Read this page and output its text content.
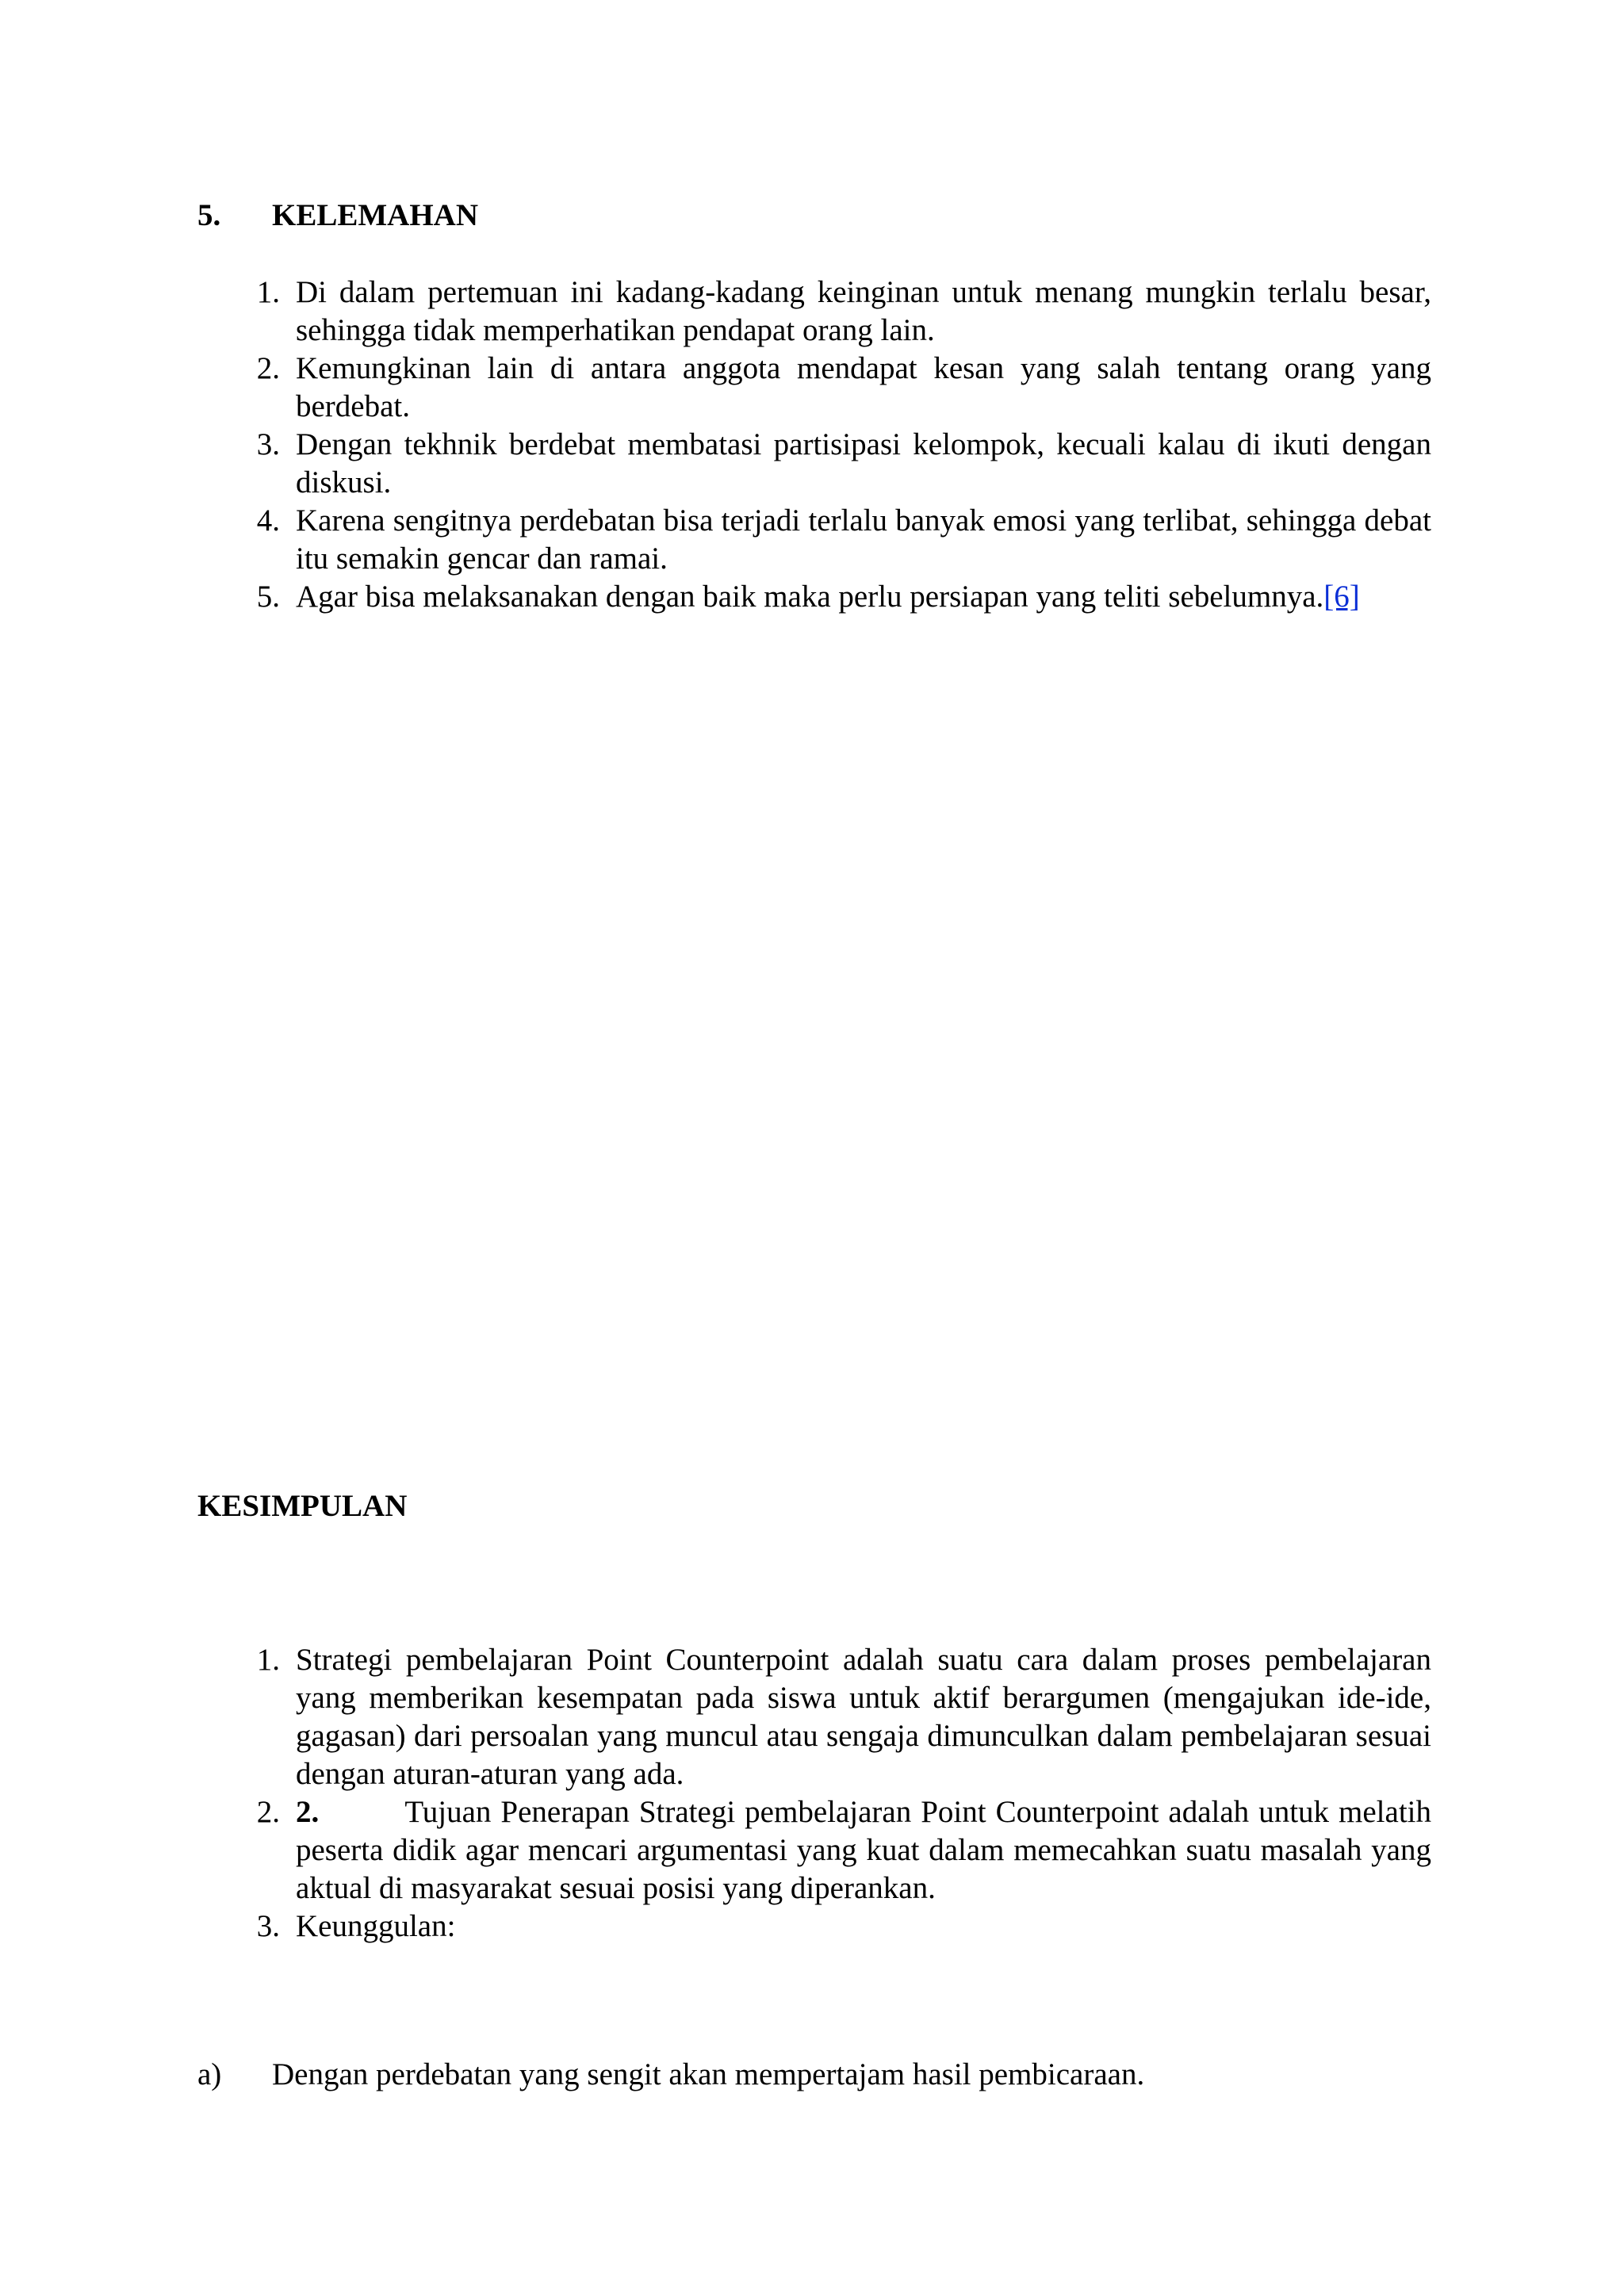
5. KELEMAHAN
1. Di dalam pertemuan ini kadang-kadang keinginan untuk menang mungkin terlalu besar, sehingga tidak memperhatikan pendapat orang lain.
2. Kemungkinan lain di antara anggota mendapat kesan yang salah tentang orang yang berdebat.
3. Dengan tekhnik berdebat membatasi partisipasi kelompok, kecuali kalau di ikuti dengan diskusi.
4. Karena sengitnya perdebatan bisa terjadi terlalu banyak emosi yang terlibat, sehingga debat itu semakin gencar dan ramai.
5. Agar bisa melaksanakan dengan baik maka perlu persiapan yang teliti sebelumnya.[6]
KESIMPULAN
1. Strategi pembelajaran Point Counterpoint adalah suatu cara dalam proses pembelajaran yang memberikan kesempatan pada siswa untuk aktif berargumen (mengajukan ide-ide, gagasan) dari persoalan yang muncul atau sengaja dimunculkan dalam pembelajaran sesuai dengan aturan-aturan yang ada.
2. 2.	Tujuan Penerapan Strategi pembelajaran Point Counterpoint adalah untuk melatih peserta didik agar mencari argumentasi yang kuat dalam memecahkan suatu masalah yang aktual di masyarakat sesuai posisi yang diperankan.
3. Keunggulan:
a) Dengan perdebatan yang sengit akan mempertajam hasil pembicaraan.
